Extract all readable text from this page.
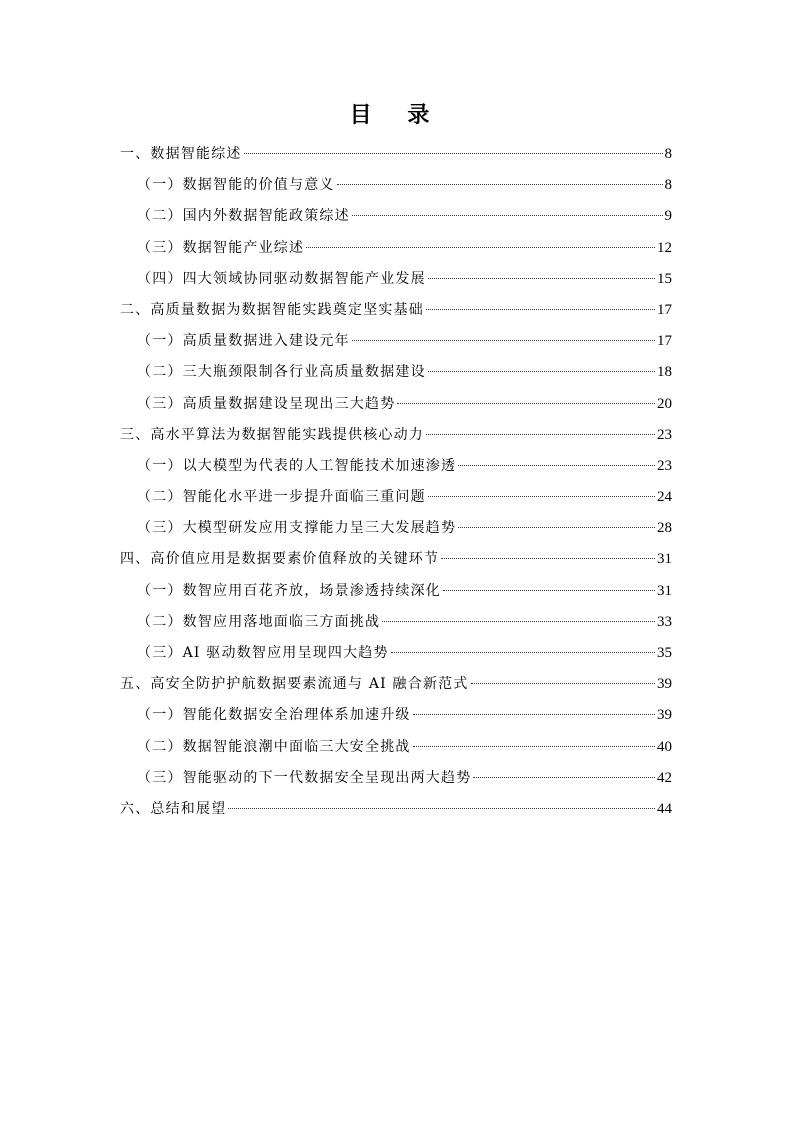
目 录
一、数据智能综述	8
（一）数据智能的价值与意义	8
（二）国内外数据智能政策综述	9
（三）数据智能产业综述	12
（四）四大领域协同驱动数据智能产业发展	15
二、高质量数据为数据智能实践奠定坚实基础	17
（一）高质量数据进入建设元年	17
（二）三大瓶颈限制各行业高质量数据建设	18
（三）高质量数据建设呈现出三大趋势	20
三、高水平算法为数据智能实践提供核心动力	23
（一）以大模型为代表的人工智能技术加速渗透	23
（二）智能化水平进一步提升面临三重问题	24
（三）大模型研发应用支撑能力呈三大发展趋势	28
四、高价值应用是数据要素价值释放的关键环节	31
（一）数智应用百花齐放，场景渗透持续深化	31
（二）数智应用落地面临三方面挑战	33
（三）AI 驱动数智应用呈现四大趋势	35
五、高安全防护护航数据要素流通与 AI 融合新范式	39
（一）智能化数据安全治理体系加速升级	39
（二）数据智能浪潮中面临三大安全挑战	40
（三）智能驱动的下一代数据安全呈现出两大趋势	42
六、总结和展望	44
